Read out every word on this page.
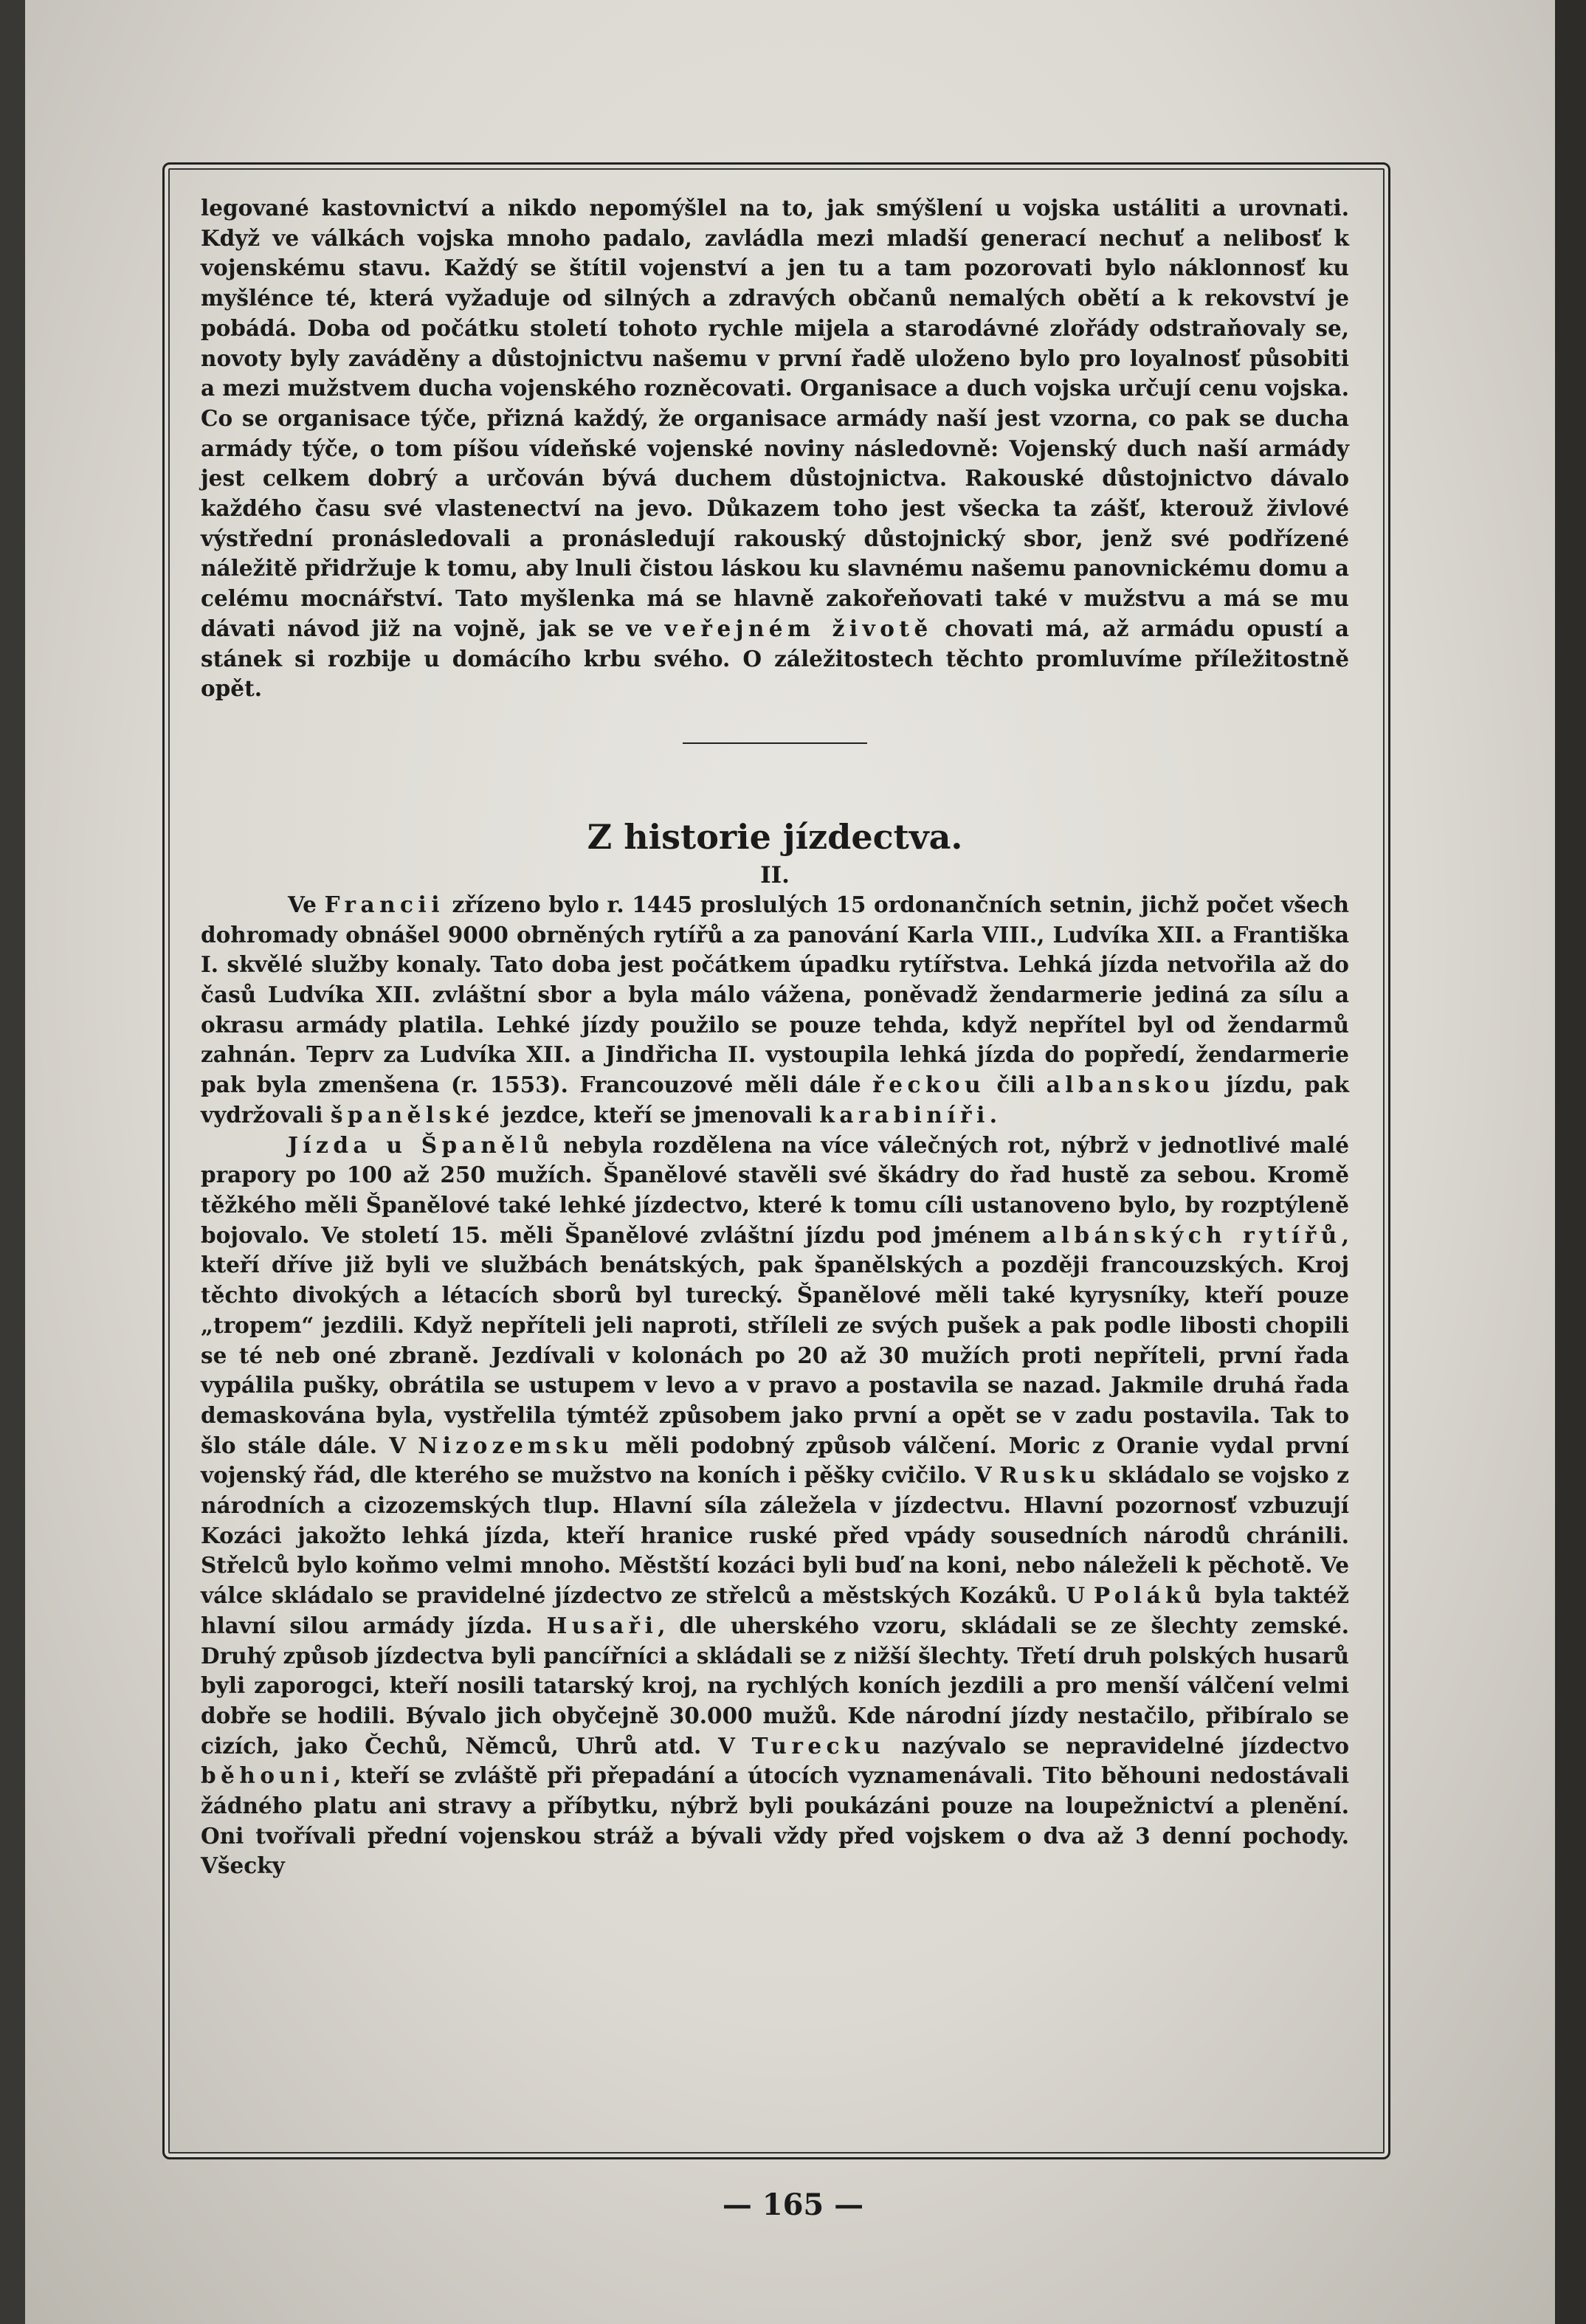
legované kastovnictví a nikdo nepomýšlel na to, jak smýšlení u vojska ustáliti a urovnati. Když ve válkách vojska mnoho padalo, zavládla mezi mladší generací nechuť a nelibosť k vojenskému stavu. Každý se štítil vojenství a jen tu a tam pozorovati bylo náklonnosť ku myšlénce té, která vyžaduje od silných a zdravých občanů nemalých obětí a k rekovství je pobádá. Doba od počátku století tohoto rychle mijela a starodávné zlořády odstraňovaly se, novoty byly zaváděny a důstojnictvu našemu v první řadě uloženo bylo pro loyalnosť působiti a mezi mužstvem ducha vojenského rozněcovati. Organisace a duch vojska určují cenu vojska. Co se organisace týče, přizná každý, že organisace armády naší jest vzorna, co pak se ducha armády týče, o tom píšou vídeňské vojenské noviny následovně: Vojenský duch naší armády jest celkem dobrý a určován bývá duchem důstojnictva. Rakouské důstojnictvo dávalo každého času své vlastenectví na jevo. Důkazem toho jest všecka ta zášť, kterouž živlové výstřední pronásledovali a pronásledují rakouský důstojnický sbor, jenž své podřízené náležitě přidržuje k tomu, aby lnuli čistou láskou ku slavnému našemu panovnickému domu a celému mocnářství. Tato myšlenka má se hlavně zakořeňovati také v mužstvu a má se mu dávati návod již na vojně, jak se ve veřejném životě chovati má, až armádu opustí a stánek si rozbije u domácího krbu svého. O záležitostech těchto promluvíme příležitostně opět.

Z historie jízdectva.
II.

Ve Francii zřízeno bylo r. 1445 proslulých 15 ordonančních setnin, jichž počet všech dohromady obnášel 9000 obrněných rytířů a za panování Karla VIII., Ludvíka XII. a Františka I. skvělé služby konaly. Tato doba jest počátkem úpadku rytířstva. Lehká jízda netvořila až do časů Ludvíka XII. zvláštní sbor a byla málo vážena, poněvadž žendarmerie jediná za sílu a okrasu armády platila. Lehké jízdy použilo se pouze tehda, když nepřítel byl od žendarmů zahnán. Teprv za Ludvíka XII. a Jindřicha II. vystoupila lehká jízda do popředí, žendarmerie pak byla zmenšena (r. 1553). Francouzové měli dále řeckou čili albanskou jízdu, pak vydržovali španělské jezdce, kteří se jmenovali karabiníři.

Jízda u Španělů nebyla rozdělena na více válečných rot, nýbrž v jednotlivé malé prapory po 100 až 250 mužích. Španělové stavěli své škádry do řad hustě za sebou. Kromě těžkého měli Španělové také lehké jízdectvo, které k tomu cíli ustanoveno bylo, by rozptýleně bojovalo. Ve století 15. měli Španělové zvláštní jízdu pod jménem albánských rytířů, kteří dříve již byli ve službách benátských, pak španělských a později francouzských. Kroj těchto divokých a létacích sborů byl turecký. Španělové měli také kyrysníky, kteří pouze „tropem“ jezdili. Když nepříteli jeli naproti, stříleli ze svých pušek a pak podle libosti chopili se té neb oné zbraně. Jezdívali v kolonách po 20 až 30 mužích proti nepříteli, první řada vypálila pušky, obrátila se ustupem v levo a v pravo a postavila se nazad. Jakmile druhá řada demaskována byla, vystřelila týmtéž způsobem jako první a opět se v zadu postavila. Tak to šlo stále dále. V Nizozemsku měli podobný způsob válčení. Moric z Oranie vydal první vojenský řád, dle kterého se mužstvo na koních i pěšky cvičilo. V Rusku skládalo se vojsko z národních a cizozemských tlup. Hlavní síla záležela v jízdectvu. Hlavní pozornosť vzbuzují Kozáci jakožto lehká jízda, kteří hranice ruské před vpády sousedních národů chránili. Střelců bylo koňmo velmi mnoho. Městští kozáci byli buď na koni, nebo náleželi k pěchotě. Ve válce skládalo se pravidelné jízdectvo ze střelců a městských Kozáků. U Poláků byla taktéž hlavní silou armády jízda. Husaři, dle uherského vzoru, skládali se ze šlechty zemské. Druhý způsob jízdectva byli pancířníci a skládali se z nižší šlechty. Třetí druh polských husarů byli zaporogci, kteří nosili tatarský kroj, na rychlých koních jezdili a pro menší válčení velmi dobře se hodili. Bývalo jich obyčejně 30.000 mužů. Kde národní jízdy nestačilo, přibíralo se cizích, jako Čechů, Němců, Uhrů atd. V Turecku nazývalo se nepravidelné jízdectvo běhouni, kteří se zvláště při přepadání a útocích vyznamenávali. Tito běhouni nedostávali žádného platu ani stravy a příbytku, nýbrž byli poukázáni pouze na loupežnictví a plenění. Oni tvořívali přední vojenskou stráž a bývali vždy před vojskem o dva až 3 denní pochody. Všecky

— 165 —
